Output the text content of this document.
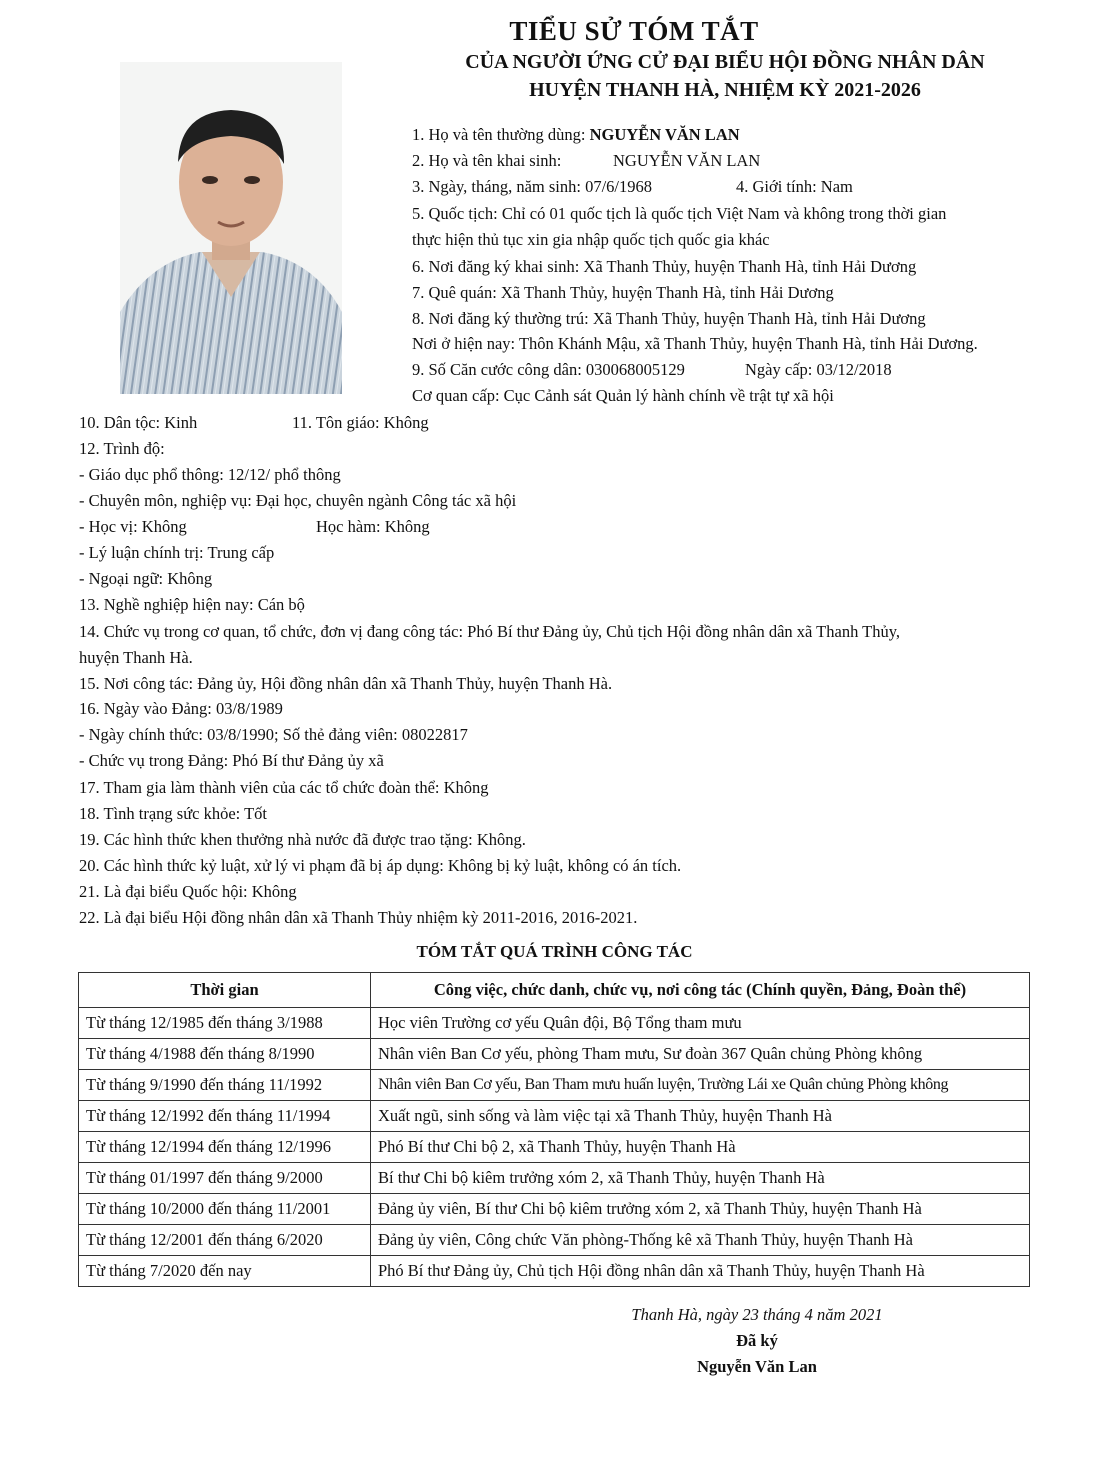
TIỂU SỬ TÓM TẮT
CỦA NGƯỜI ỨNG CỬ ĐẠI BIỂU HỘI ĐỒNG NHÂN DÂN
HUYỆN THANH HÀ, NHIỆM KỲ 2021-2026
1. Họ và tên thường dùng: NGUYỄN VĂN LAN
2. Họ và tên khai sinh:	NGUYỄN VĂN LAN
3. Ngày, tháng, năm sinh: 07/6/1968	4. Giới tính: Nam
5. Quốc tịch: Chỉ có 01 quốc tịch là quốc tịch Việt Nam và không trong thời gian
thực hiện thủ tục xin gia nhập quốc tịch quốc gia khác
6. Nơi đăng ký khai sinh: Xã Thanh Thủy, huyện Thanh Hà, tỉnh Hải Dương
7. Quê quán: Xã Thanh Thủy, huyện Thanh Hà, tỉnh Hải Dương
8. Nơi đăng ký thường trú: Xã Thanh Thủy, huyện Thanh Hà, tỉnh Hải Dương
Nơi ở hiện nay: Thôn Khánh Mậu, xã Thanh Thủy, huyện Thanh Hà, tỉnh Hải Dương.
9. Số Căn cước công dân: 030068005129	Ngày cấp: 03/12/2018
Cơ quan cấp: Cục Cảnh sát Quản lý hành chính về trật tự xã hội
10. Dân tộc: Kinh	11. Tôn giáo: Không
12. Trình độ:
- Giáo dục phổ thông: 12/12/ phổ thông
- Chuyên môn, nghiệp vụ: Đại học, chuyên ngành Công tác xã hội
- Học vị: Không	Học hàm: Không
- Lý luận chính trị: Trung cấp
- Ngoại ngữ: Không
13. Nghề nghiệp hiện nay: Cán bộ
14. Chức vụ trong cơ quan, tổ chức, đơn vị đang công tác: Phó Bí thư Đảng ủy, Chủ tịch Hội đồng nhân dân xã Thanh Thủy,
huyện Thanh Hà.
15. Nơi công tác: Đảng ủy, Hội đồng nhân dân xã Thanh Thủy, huyện Thanh Hà.
16. Ngày vào Đảng: 03/8/1989
- Ngày chính thức: 03/8/1990; Số thẻ đảng viên: 08022817
- Chức vụ trong Đảng: Phó Bí thư Đảng ủy xã
17. Tham gia làm thành viên của các tổ chức đoàn thể: Không
18. Tình trạng sức khỏe: Tốt
19. Các hình thức khen thưởng nhà nước đã được trao tặng: Không.
20. Các hình thức kỷ luật, xử lý vi phạm đã bị áp dụng: Không bị kỷ luật, không có án tích.
21. Là đại biểu Quốc hội: Không
22. Là đại biểu Hội đồng nhân dân xã Thanh Thủy nhiệm kỳ 2011-2016, 2016-2021.
TÓM TẮT QUÁ TRÌNH CÔNG TÁC
Thời gian	Công việc, chức danh, chức vụ, nơi công tác (Chính quyền, Đảng, Đoàn thể)
Từ tháng 12/1985 đến tháng 3/1988	Học viên Trường cơ yếu Quân đội, Bộ Tổng tham mưu
Từ tháng 4/1988 đến tháng 8/1990	Nhân viên Ban Cơ yếu, phòng Tham mưu, Sư đoàn 367 Quân chủng Phòng không
Từ tháng 9/1990 đến tháng 11/1992	Nhân viên Ban Cơ yếu, Ban Tham mưu huấn luyện, Trường Lái xe Quân chủng Phòng không
Từ tháng 12/1992 đến tháng 11/1994	Xuất ngũ, sinh sống và làm việc tại xã Thanh Thủy, huyện Thanh Hà
Từ tháng 12/1994 đến tháng 12/1996	Phó Bí thư Chi bộ 2, xã Thanh Thủy, huyện Thanh Hà
Từ tháng 01/1997 đến tháng 9/2000	Bí thư Chi bộ kiêm trưởng xóm 2, xã Thanh Thủy, huyện Thanh Hà
Từ tháng 10/2000 đến tháng 11/2001	Đảng ủy viên, Bí thư Chi bộ kiêm trưởng xóm 2, xã Thanh Thủy, huyện Thanh Hà
Từ tháng 12/2001 đến tháng 6/2020	Đảng ủy viên, Công chức Văn phòng-Thống kê xã Thanh Thủy, huyện Thanh Hà
Từ tháng 7/2020 đến nay	Phó Bí thư Đảng ủy, Chủ tịch Hội đồng nhân dân xã Thanh Thủy, huyện Thanh Hà
Thanh Hà, ngày 23 tháng 4 năm 2021
Đã ký
Nguyễn Văn Lan
